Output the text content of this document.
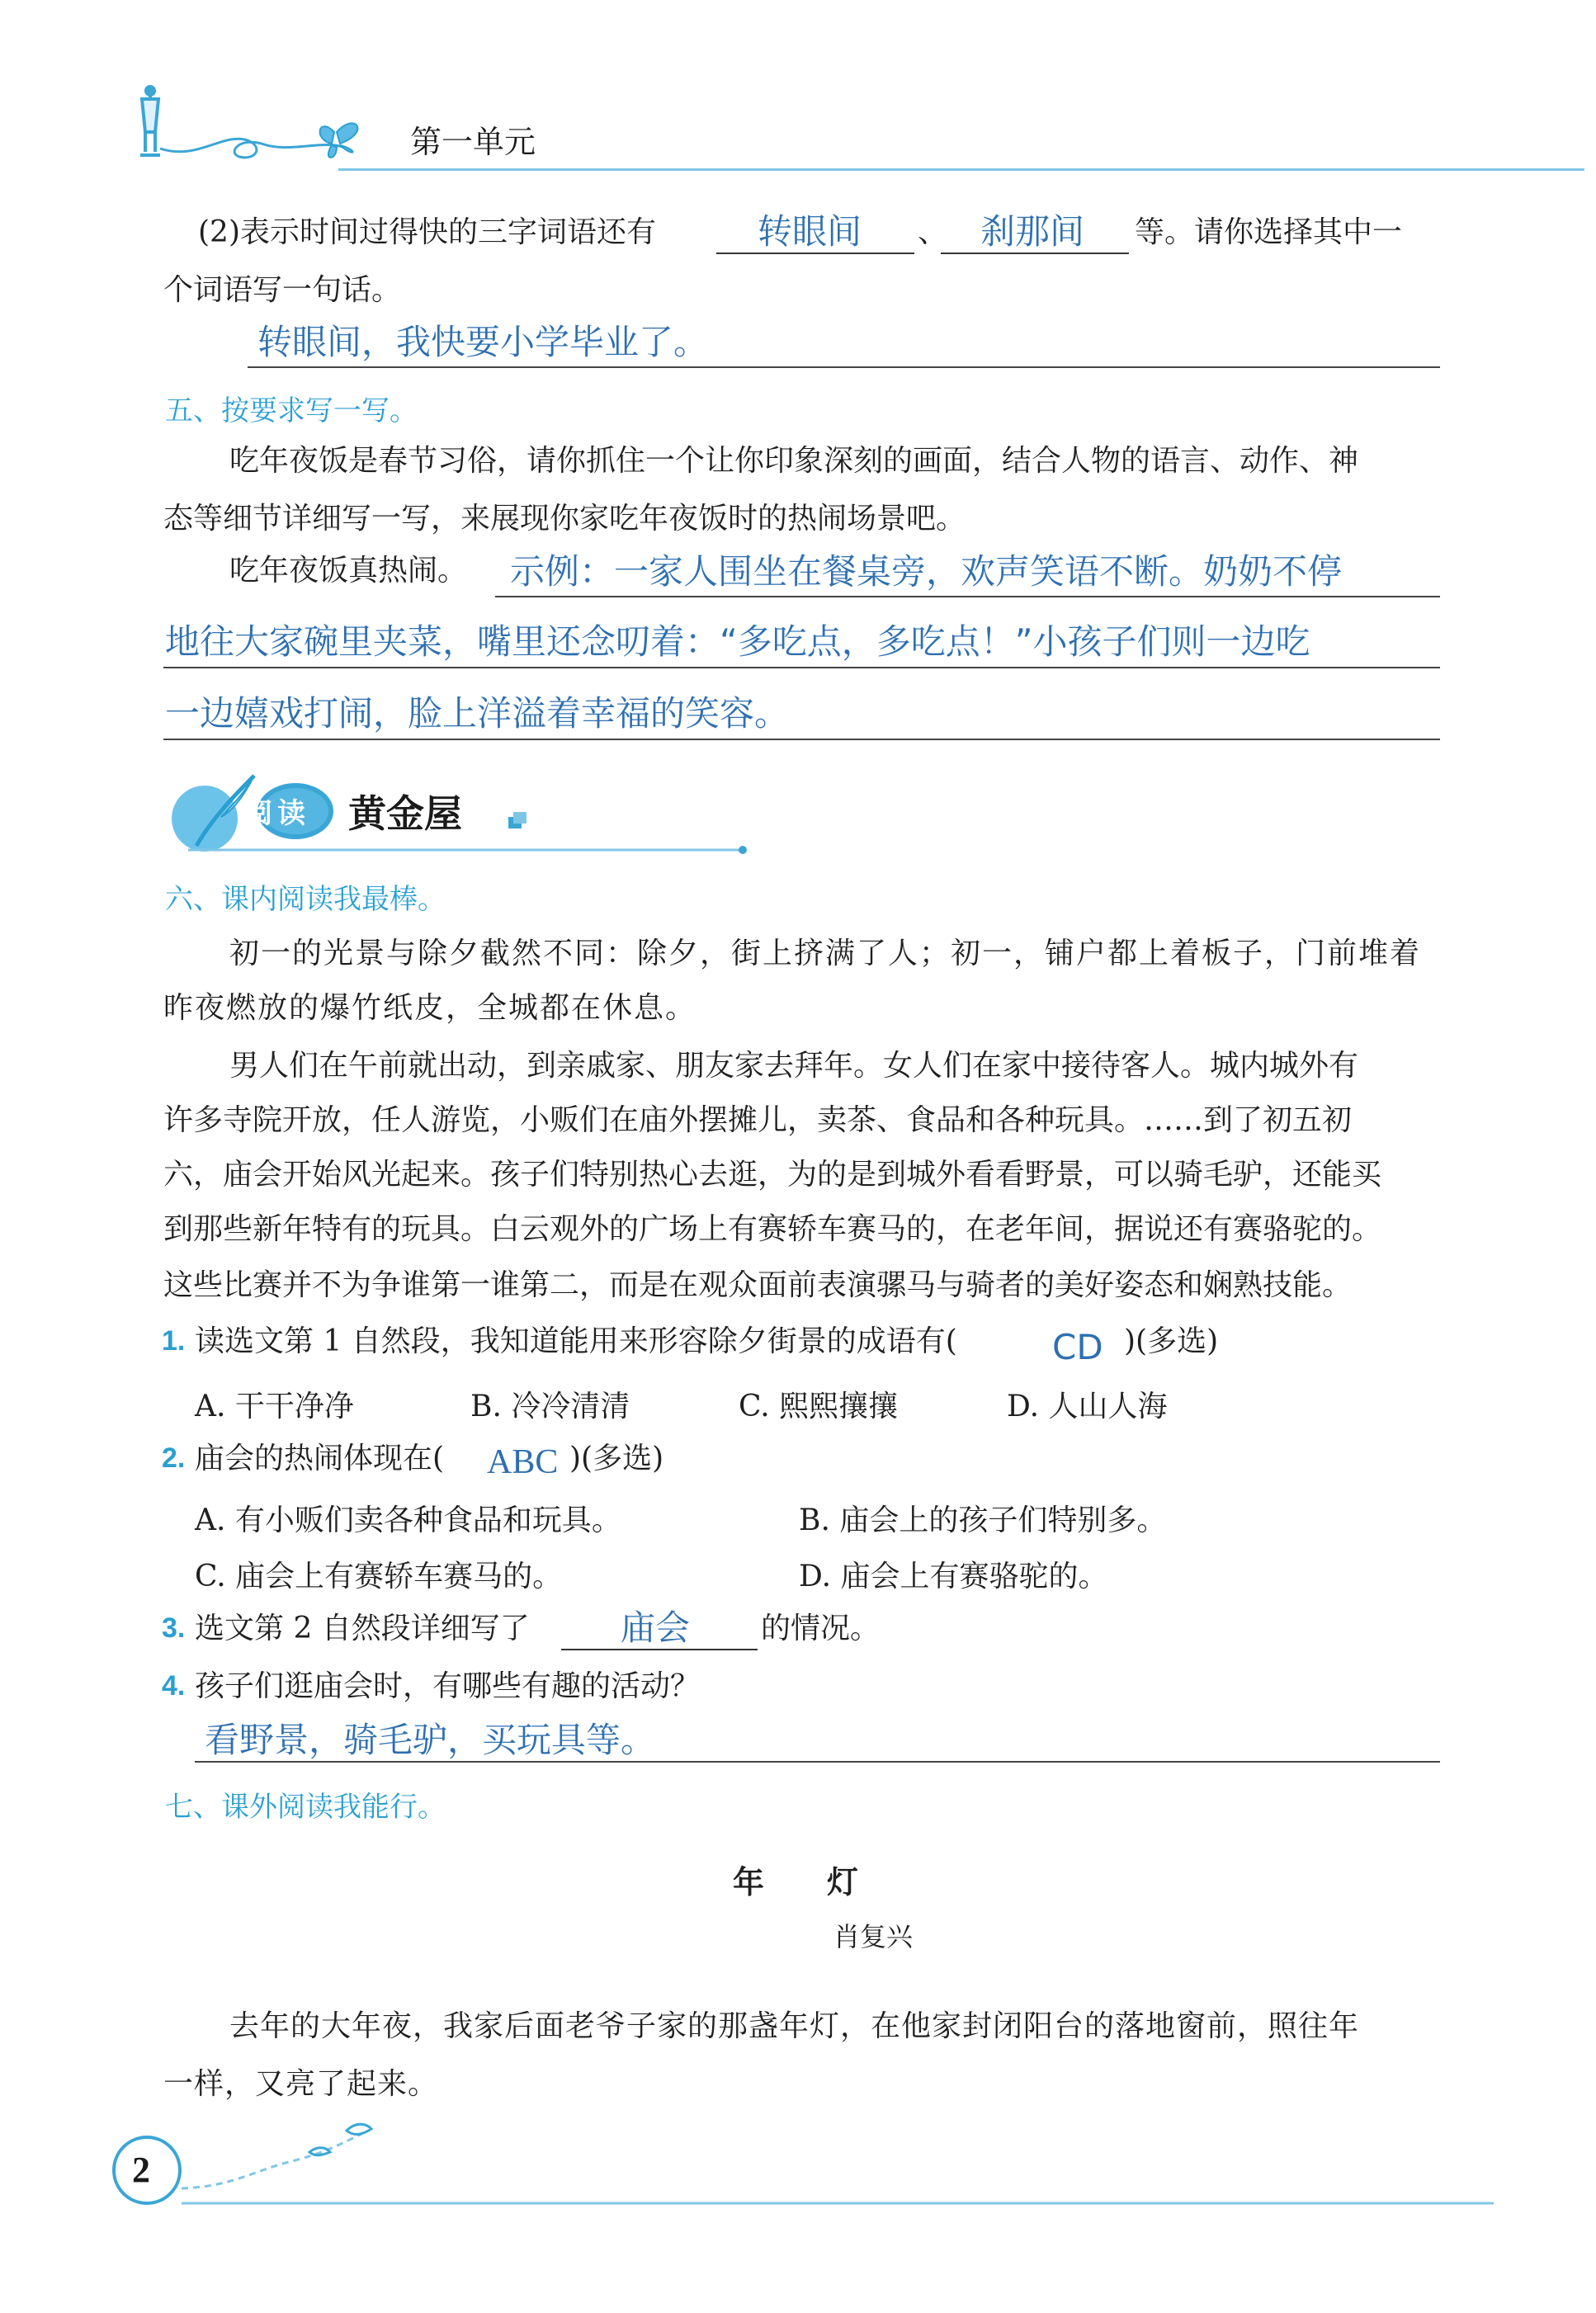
第一单元
(2)表示时间过得快的三字词语还有	转眼间 、 刹那间 等。请你选择其中一
个词语写一句话。
转眼间，我快要小学毕业了。
五、按要求写一写。
吃年夜饭是春节习俗，请你抓住一个让你印象深刻的画面，结合人物的语言、动作、神
态等细节详细写一写，来展现你家吃年夜饭时的热闹场景吧。
吃年夜饭真热闹。 示例：一家人围坐在餐桌旁，欢声笑语不断。奶奶不停
地往大家碗里夹菜，嘴里还念叨着：“多吃点，多吃点！”小孩子们则一边吃
一边嬉戏打闹，脸上洋溢着幸福的笑容。
阅 读 黄金屋
六、课内阅读我最棒。
初一的光景与除夕截然不同：除夕，街上挤满了人；初一，铺户都上着板子，门前堆着
昨夜燃放的爆竹纸皮，全城都在休息。
男人们在午前就出动，到亲戚家、朋友家去拜年。女人们在家中接待客人。城内城外有
许多寺院开放，任人游览，小贩们在庙外摆摊儿，卖茶、食品和各种玩具。……到了初五初
六，庙会开始风光起来。孩子们特别热心去逛，为的是到城外看看野景，可以骑毛驴，还能买
到那些新年特有的玩具。白云观外的广场上有赛轿车赛马的，在老年间，据说还有赛骆驼的。
这些比赛并不为争谁第一谁第二，而是在观众面前表演骡马与骑者的美好姿态和娴熟技能。
1. 读选文第 1 自然段，我知道能用来形容除夕街景的成语有(	CD )(多选)
A. 干干净净	B. 冷冷清清	C. 熙熙攘攘	D. 人山人海
2. 庙会的热闹体现在( ABC )(多选)
A. 有小贩们卖各种食品和玩具。	B. 庙会上的孩子们特别多。
C. 庙会上有赛轿车赛马的。	D. 庙会上有赛骆驼的。
3. 选文第 2 自然段详细写了	庙会 的情况。
4. 孩子们逛庙会时，有哪些有趣的活动？
看野景，骑毛驴，买玩具等。
七、课外阅读我能行。
年　　灯
肖复兴
去年的大年夜，我家后面老爷子家的那盏年灯，在他家封闭阳台的落地窗前，照往年
一样，又亮了起来。
2
